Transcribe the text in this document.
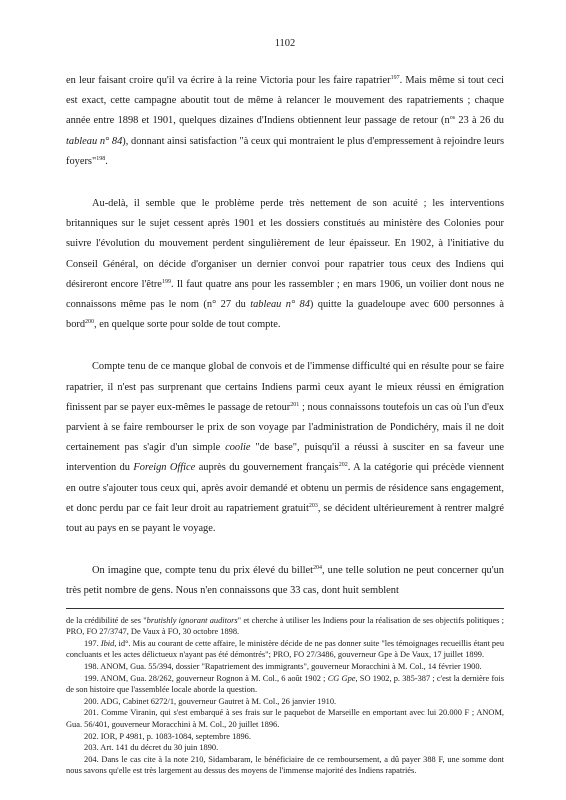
1102

en leur faisant croire qu'il va écrire à la reine Victoria pour les faire rapatrier$^{197}$. Mais même si tout ceci est exact, cette campagne aboutit tout de même à relancer le mouvement des rapatriements ; chaque année entre 1898 et 1901, quelques dizaines d'Indiens obtiennent leur passage de retour ($n^{os}$ 23 à 26 du tableau n° 84), donnant ainsi satisfaction "à ceux qui montraient le plus d'empressement à rejoindre leurs foyers"$^{198}$.

Au-delà, il semble que le problème perde très nettement de son acuité ; les interventions britanniques sur le sujet cessent après 1901 et les dossiers constitués au ministère des Colonies pour suivre l'évolution du mouvement perdent singulièrement de leur épaisseur. En 1902, à l'initiative du Conseil Général, on décide d'organiser un dernier convoi pour rapatrier tous ceux des Indiens qui désireront encore l'être$^{199}$. Il faut quatre ans pour les rassembler ; en mars 1906, un voilier dont nous ne connaissons même pas le nom (n° 27 du tableau n° 84) quitte la guadeloupe avec 600 personnes à bord$^{200}$, en quelque sorte pour solde de tout compte.

Compte tenu de ce manque global de convois et de l'immense difficulté qui en résulte pour se faire rapatrier, il n'est pas surprenant que certains Indiens parmi ceux ayant le mieux réussi en émigration finissent par se payer eux-mêmes le passage de retour$^{201}$ ; nous connaissons toutefois un cas où l'un d'eux parvient à se faire rembourser le prix de son voyage par l'administration de Pondichéry, mais il ne doit certainement pas s'agir d'un simple coolie "de base", puisqu'il a réussi à susciter en sa faveur une intervention du Foreign Office auprès du gouvernement français$^{202}$. A la catégorie qui précède viennent en outre s'ajouter tous ceux qui, après avoir demandé et obtenu un permis de résidence sans engagement, et donc perdu par ce fait leur droit au rapatriement gratuit$^{203}$, se décident ultérieurement à rentrer malgré tout au pays en se payant le voyage.

On imagine que, compte tenu du prix élevé du billet$^{204}$, une telle solution ne peut concerner qu'un très petit nombre de gens. Nous n'en connaissons que 33 cas, dont huit semblent

de la crédibilité de ses "brutishly ignorant auditors" et cherche à utiliser les Indiens pour la réalisation de ses objectifs politiques ; PRO, FO 27/3747, De Vaux à FO, 30 octobre 1898.

197. Ibid, id°. Mis au courant de cette affaire, le ministère décide de ne pas donner suite "les témoignages recueillis étant peu concluants et les actes délictueux n'ayant pas été démontrés"; PRO, FO 27/3486, gouverneur Gpe à De Vaux, 17 juillet 1899.

198. ANOM, Gua. 55/394, dossier "Rapatriement des immigrants", gouverneur Moracchini à M. Col., 14 février 1900.

199. ANOM, Gua. 28/262, gouverneur Rognon à M. Col., 6 août 1902 ; CG Gpe, SO 1902, p. 385-387 ; c'est la dernière fois de son histoire que l'assemblée locale aborde la question.

200. ADG, Cabinet 6272/1, gouverneur Gautret à M. Col., 26 janvier 1910.

201. Comme Viranin, qui s'est embarqué à ses frais sur le paquebot de Marseille en emportant avec lui 20.000 F ; ANOM, Gua. 56/401, gouverneur Moracchini à M. Col., 20 juillet 1896.

202. IOR, P 4981, p. 1083-1084, septembre 1896.

203. Art. 141 du décret du 30 juin 1890.

204. Dans le cas cite à la note 210, Sidambaram, le bénéficiaire de ce remboursement, a dû payer 388 F, une somme dont nous savons qu'elle est très largement au dessus des moyens de l'immense majorité des Indiens rapatriés.
